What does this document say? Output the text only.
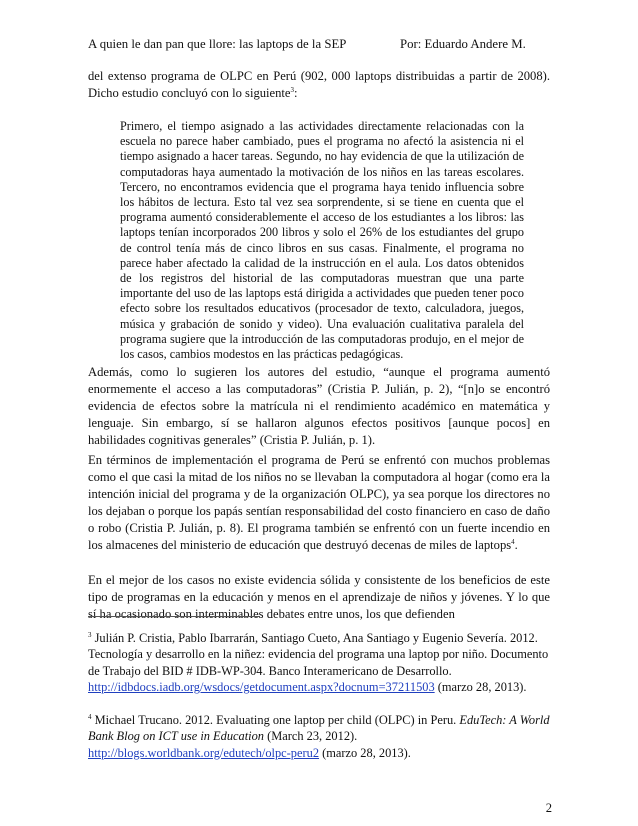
A quien le dan pan que llore: las laptops de la SEP	Por: Eduardo Andere M.
del extenso programa de OLPC en Perú (902, 000 laptops distribuidas a partir de 2008). Dicho estudio concluyó con lo siguiente$^3$:
Primero, el tiempo asignado a las actividades directamente relacionadas con la escuela no parece haber cambiado, pues el programa no afectó la asistencia ni el tiempo asignado a hacer tareas. Segundo, no hay evidencia de que la utilización de computadoras haya aumentado la motivación de los niños en las tareas escolares. Tercero, no encontramos evidencia que el programa haya tenido influencia sobre los hábitos de lectura. Esto tal vez sea sorprendente, si se tiene en cuenta que el programa aumentó considerablemente el acceso de los estudiantes a los libros: las laptops tenían incorporados 200 libros y solo el 26% de los estudiantes del grupo de control tenía más de cinco libros en sus casas. Finalmente, el programa no parece haber afectado la calidad de la instrucción en el aula. Los datos obtenidos de los registros del historial de las computadoras muestran que una parte importante del uso de las laptops está dirigida a actividades que pueden tener poco efecto sobre los resultados educativos (procesador de texto, calculadora, juegos, música y grabación de sonido y video). Una evaluación cualitativa paralela del programa sugiere que la introducción de las computadoras produjo, en el mejor de los casos, cambios modestos en las prácticas pedagógicas.
Además, como lo sugieren los autores del estudio, “aunque el programa aumentó enormemente el acceso a las computadoras” (Cristia P. Julián, p. 2), “[n]o se encontró evidencia de efectos sobre la matrícula ni el rendimiento académico en matemática y lenguaje. Sin embargo, sí se hallaron algunos efectos positivos [aunque pocos] en habilidades cognitivas generales” (Cristia P. Julián, p. 1).
En términos de implementación el programa de Perú se enfrentó con muchos problemas como el que casi la mitad de los niños no se llevaban la computadora al hogar (como era la intención inicial del programa y de la organización OLPC), ya sea porque los directores no los dejaban o porque los papás sentían responsabilidad del costo financiero en caso de daño o robo (Cristia P. Julián, p. 8). El programa también se enfrentó con un fuerte incendio en los almacenes del ministerio de educación que destruyó decenas de miles de laptops$^4$.
En el mejor de los casos no existe evidencia sólida y consistente de los beneficios de este tipo de programas en la educación y menos en el aprendizaje de niños y jóvenes. Y lo que sí ha ocasionado son interminables debates entre unos, los que defienden
$^3$ Julián P. Cristia, Pablo Ibarrarán, Santiago Cueto, Ana Santiago y Eugenio Severía. 2012. Tecnología y desarrollo en la niñez: evidencia del programa una laptop por niño. Documento de Trabajo del BID # IDB-WP-304. Banco Interamericano de Desarrollo. http://idbdocs.iadb.org/wsdocs/getdocument.aspx?docnum=37211503 (marzo 28, 2013).
$^4$ Michael Trucano. 2012. Evaluating one laptop per child (OLPC) in Peru. EduTech: A World Bank Blog on ICT use in Education (March 23, 2012). http://blogs.worldbank.org/edutech/olpc-peru2 (marzo 28, 2013).
2
